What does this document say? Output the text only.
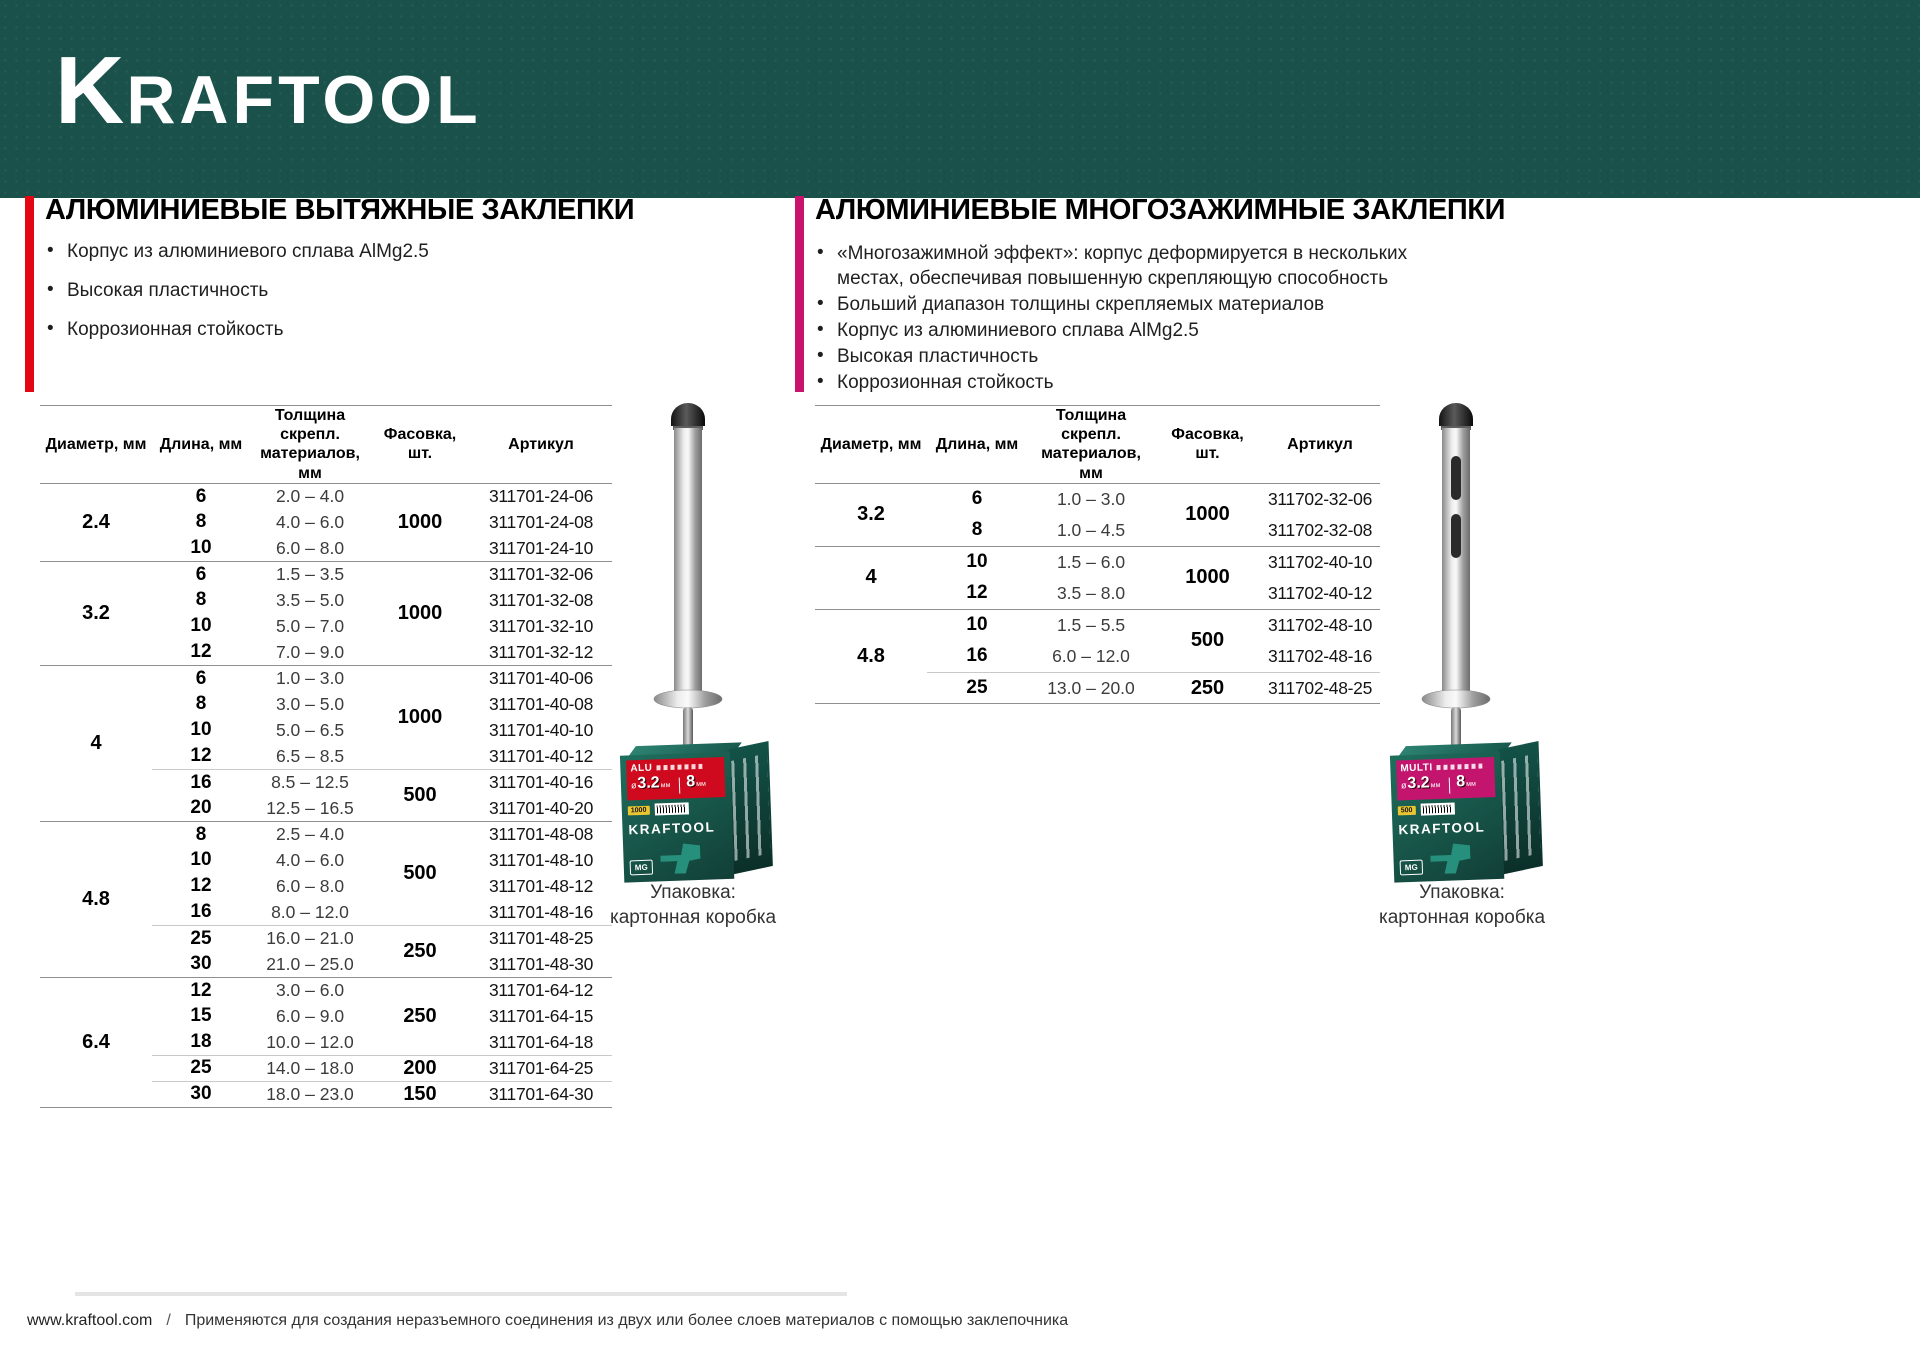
KRAFTOOL
АЛЮМИНИЕВЫЕ ВЫТЯЖНЫЕ ЗАКЛЕПКИ
• Корпус из алюминиевого сплава AlMg2.5
• Высокая пластичность
• Коррозионная стойкость
Диаметр, мм	Длина, мм	Толщина скрепл. материалов, мм	Фасовка, шт.	Артикул
2.4	6	2.0 – 4.0	1000	311701-24-06
	8	4.0 – 6.0		311701-24-08
	10	6.0 – 8.0		311701-24-10
3.2	6	1.5 – 3.5	1000	311701-32-06
	8	3.5 – 5.0		311701-32-08
	10	5.0 – 7.0		311701-32-10
	12	7.0 – 9.0		311701-32-12
4	6	1.0 – 3.0	1000	311701-40-06
	8	3.0 – 5.0		311701-40-08
	10	5.0 – 6.5		311701-40-10
	12	6.5 – 8.5		311701-40-12
	16	8.5 – 12.5	500	311701-40-16
	20	12.5 – 16.5		311701-40-20
4.8	8	2.5 – 4.0	500	311701-48-08
	10	4.0 – 6.0		311701-48-10
	12	6.0 – 8.0		311701-48-12
	16	8.0 – 12.0		311701-48-16
	25	16.0 – 21.0	250	311701-48-25
	30	21.0 – 25.0		311701-48-30
6.4	12	3.0 – 6.0	250	311701-64-12
	15	6.0 – 9.0		311701-64-15
	18	10.0 – 12.0		311701-64-18
	25	14.0 – 18.0	200	311701-64-25
	30	18.0 – 23.0	150	311701-64-30
ALU
ø 3.2 мм 8 мм
1000
KRAFTOOL
MG
Упаковка:
картонная коробка
АЛЮМИНИЕВЫЕ МНОГОЗАЖИМНЫЕ ЗАКЛЕПКИ
• «Многозажимной эффект»: корпус деформируется в нескольких местах, обеспечивая повышенную скрепляющую способность
• Больший диапазон толщины скрепляемых материалов
• Корпус из алюминиевого сплава AlMg2.5
• Высокая пластичность
• Коррозионная стойкость
Диаметр, мм	Длина, мм	Толщина скрепл. материалов, мм	Фасовка, шт.	Артикул
3.2	6	1.0 – 3.0	1000	311702-32-06
	8	1.0 – 4.5		311702-32-08
4	10	1.5 – 6.0	1000	311702-40-10
	12	3.5 – 8.0		311702-40-12
4.8	10	1.5 – 5.5	500	311702-48-10
	16	6.0 – 12.0		311702-48-16
	25	13.0 – 20.0	250	311702-48-25
MULTI
ø 3.2 мм 8 мм
500
KRAFTOOL
MG
Упаковка:
картонная коробка
www.kraftool.com / Применяются для создания неразъемного соединения из двух или более слоев материалов с помощью заклепочника
